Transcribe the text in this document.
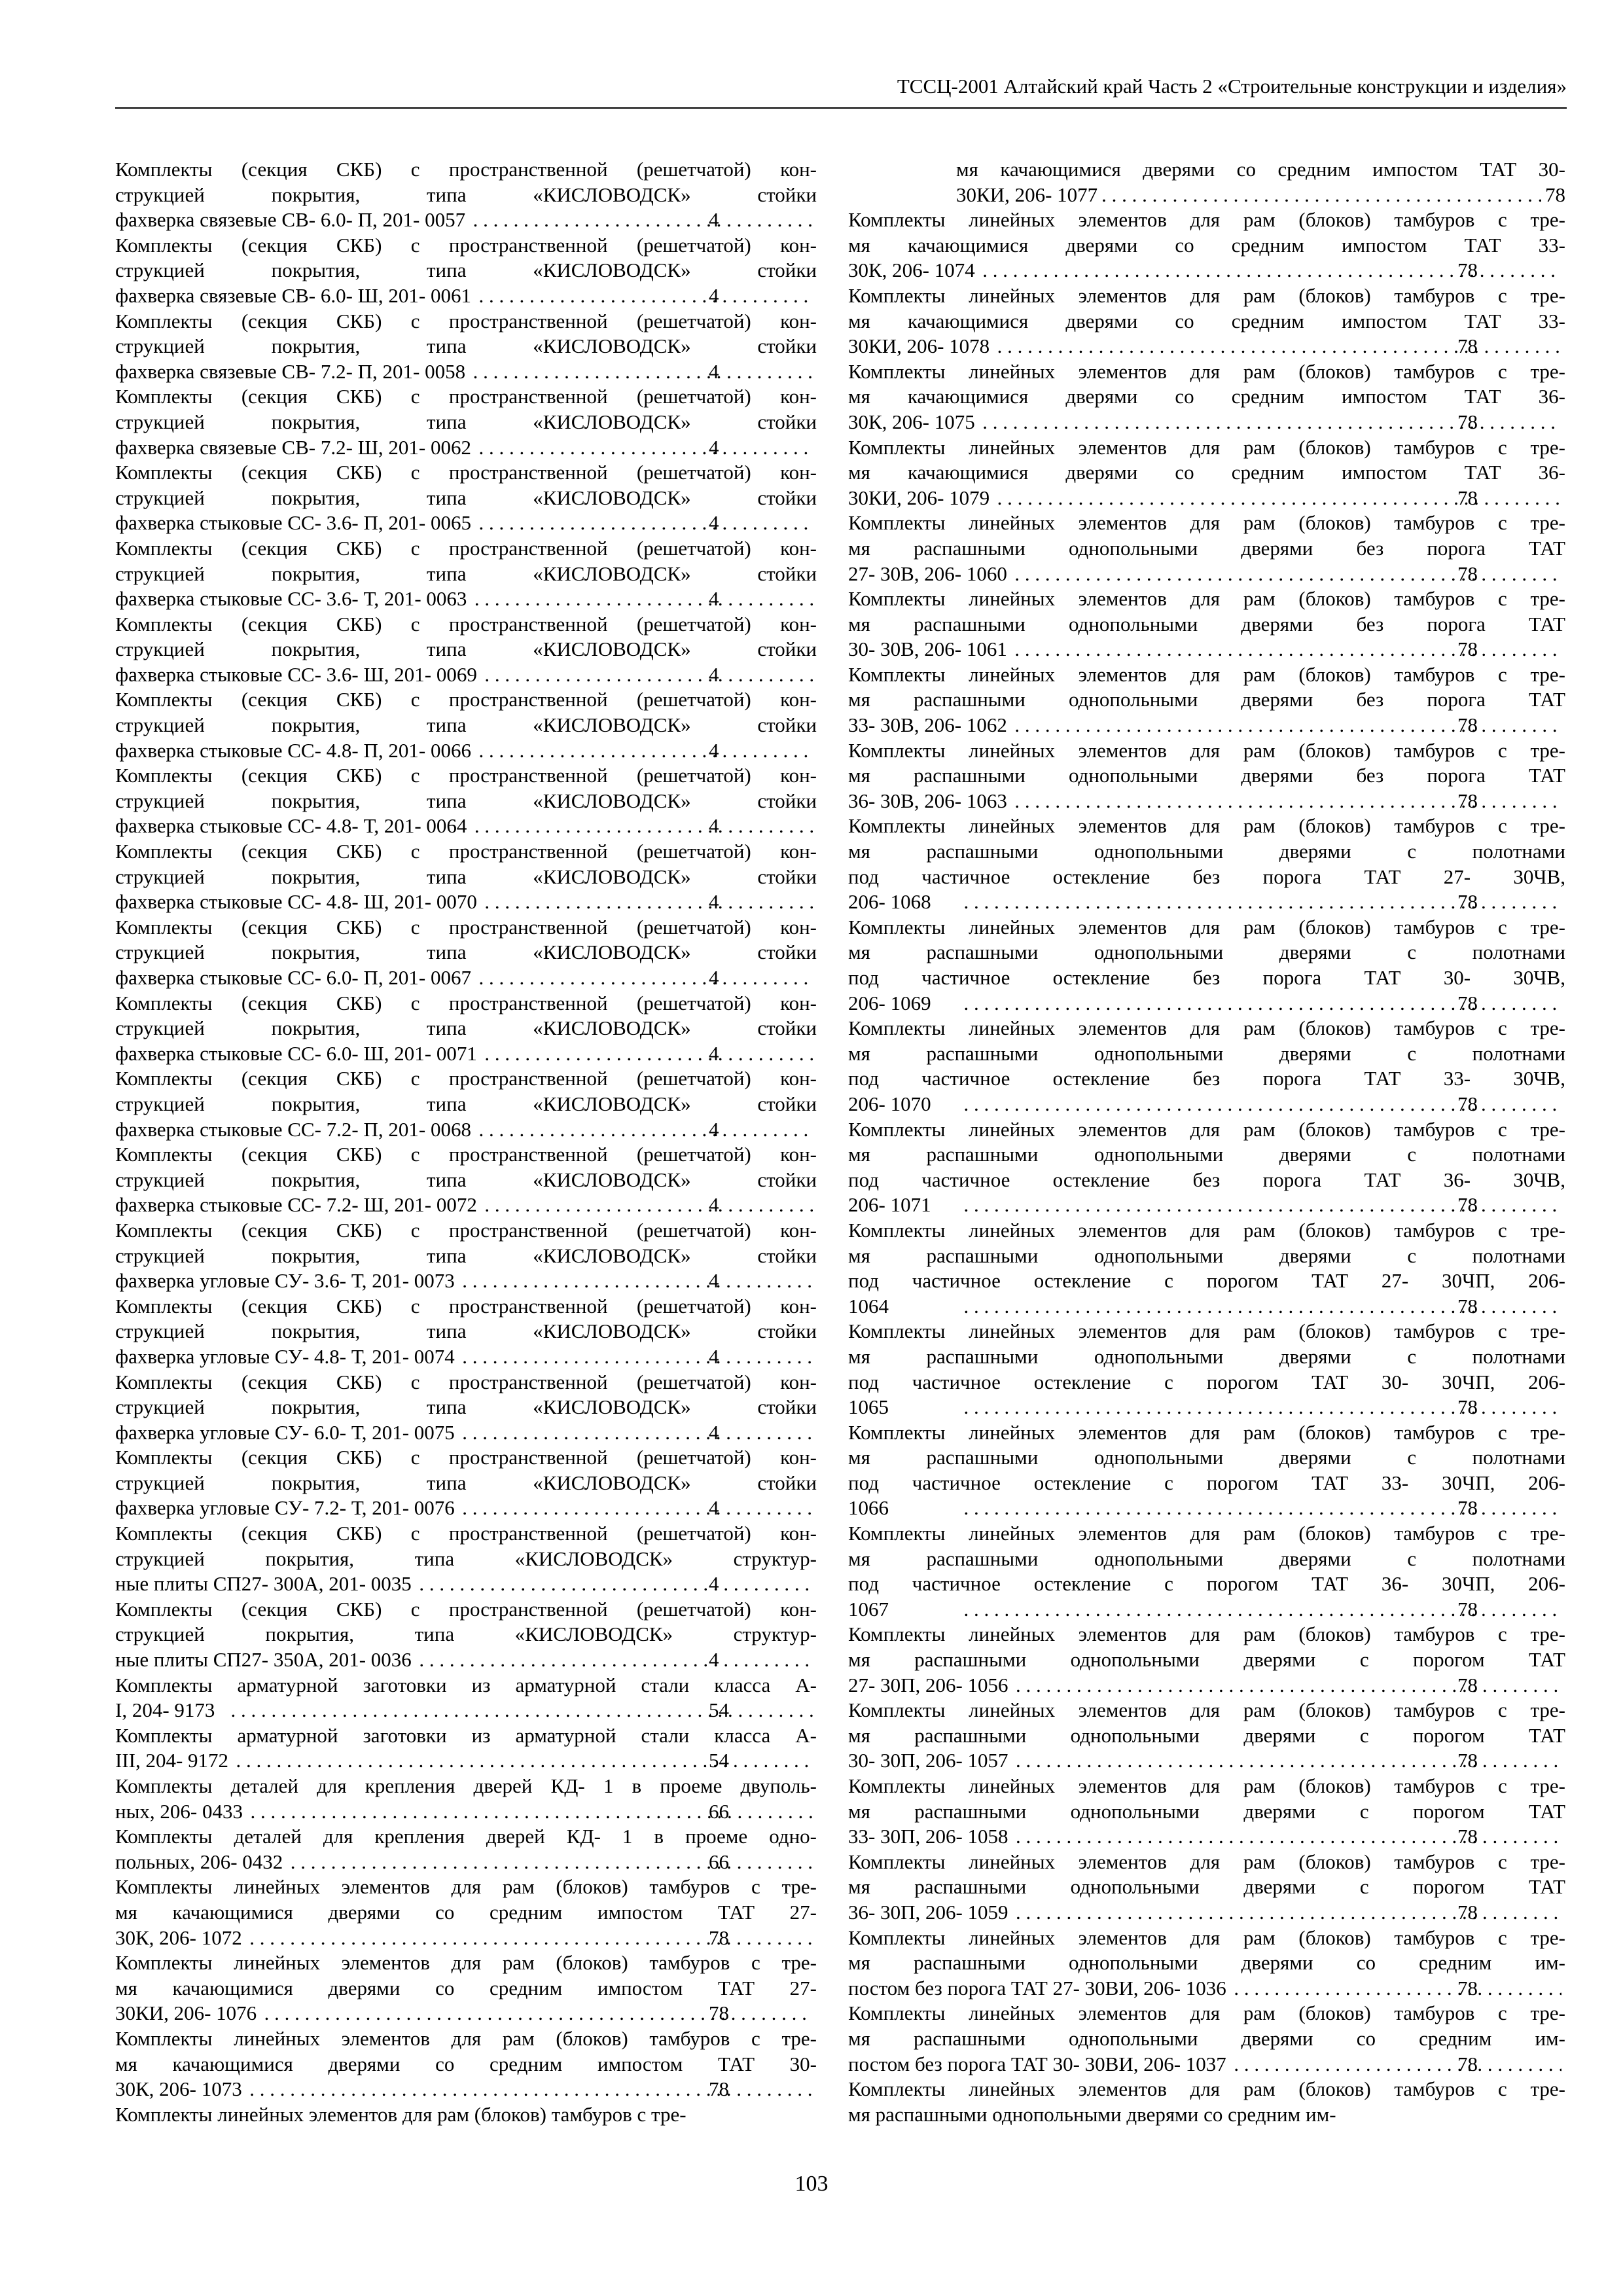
ТССЦ-2001 Алтайский край Часть 2 «Строительные конструкции и изделия»
Комплекты (секция СКБ) с пространственной (решетчатой) кон-
струкцией покрытия, типа «КИСЛОВОДСК» стойки
фахверка связевые СВ- 6.0- П, 201- 0057 . . .	4
Комплекты (секция СКБ) с пространственной (решетчатой) кон-
струкцией покрытия, типа «КИСЛОВОДСК» стойки
фахверка связевые СВ- 6.0- Ш, 201- 0061 . . .	4
Комплекты (секция СКБ) с пространственной (решетчатой) кон-
струкцией покрытия, типа «КИСЛОВОДСК» стойки
фахверка связевые СВ- 7.2- П, 201- 0058 . . .	4
Комплекты (секция СКБ) с пространственной (решетчатой) кон-
струкцией покрытия, типа «КИСЛОВОДСК» стойки
фахверка связевые СВ- 7.2- Ш, 201- 0062 . . .	4
Комплекты (секция СКБ) с пространственной (решетчатой) кон-
струкцией покрытия, типа «КИСЛОВОДСК» стойки
фахверка стыковые СС- 3.6- П, 201- 0065 . . .	4
Комплекты (секция СКБ) с пространственной (решетчатой) кон-
струкцией покрытия, типа «КИСЛОВОДСК» стойки
фахверка стыковые СС- 3.6- Т, 201- 0063 . . .	4
Комплекты (секция СКБ) с пространственной (решетчатой) кон-
струкцией покрытия, типа «КИСЛОВОДСК» стойки
фахверка стыковые СС- 3.6- Ш, 201- 0069 . . .	4
Комплекты (секция СКБ) с пространственной (решетчатой) кон-
струкцией покрытия, типа «КИСЛОВОДСК» стойки
фахверка стыковые СС- 4.8- П, 201- 0066 . . .	4
Комплекты (секция СКБ) с пространственной (решетчатой) кон-
струкцией покрытия, типа «КИСЛОВОДСК» стойки
фахверка стыковые СС- 4.8- Т, 201- 0064 . . .	4
Комплекты (секция СКБ) с пространственной (решетчатой) кон-
струкцией покрытия, типа «КИСЛОВОДСК» стойки
фахверка стыковые СС- 4.8- Ш, 201- 0070 . . .	4
Комплекты (секция СКБ) с пространственной (решетчатой) кон-
струкцией покрытия, типа «КИСЛОВОДСК» стойки
фахверка стыковые СС- 6.0- П, 201- 0067 . . .	4
Комплекты (секция СКБ) с пространственной (решетчатой) кон-
струкцией покрытия, типа «КИСЛОВОДСК» стойки
фахверка стыковые СС- 6.0- Ш, 201- 0071 . . .	4
Комплекты (секция СКБ) с пространственной (решетчатой) кон-
струкцией покрытия, типа «КИСЛОВОДСК» стойки
фахверка стыковые СС- 7.2- П, 201- 0068 . . .	4
Комплекты (секция СКБ) с пространственной (решетчатой) кон-
струкцией покрытия, типа «КИСЛОВОДСК» стойки
фахверка стыковые СС- 7.2- Ш, 201- 0072 . . .	4
Комплекты (секция СКБ) с пространственной (решетчатой) кон-
струкцией покрытия, типа «КИСЛОВОДСК» стойки
фахверка угловые СУ- 3.6- Т, 201- 0073 . . .	4
Комплекты (секция СКБ) с пространственной (решетчатой) кон-
струкцией покрытия, типа «КИСЛОВОДСК» стойки
фахверка угловые СУ- 4.8- Т, 201- 0074 . . .	4
Комплекты (секция СКБ) с пространственной (решетчатой) кон-
струкцией покрытия, типа «КИСЛОВОДСК» стойки
фахверка угловые СУ- 6.0- Т, 201- 0075 . . .	4
Комплекты (секция СКБ) с пространственной (решетчатой) кон-
струкцией покрытия, типа «КИСЛОВОДСК» стойки
фахверка угловые СУ- 7.2- Т, 201- 0076 . . .	4
Комплекты (секция СКБ) с пространственной (решетчатой) кон-
струкцией покрытия, типа «КИСЛОВОДСК» структур-
ные плиты СП27- 300А, 201- 0035 . . .	4
Комплекты (секция СКБ) с пространственной (решетчатой) кон-
струкцией покрытия, типа «КИСЛОВОДСК» структур-
ные плиты СП27- 350А, 201- 0036 . . .	4
Комплекты арматурной заготовки из арматурной стали класса А-
I, 204- 9173 . . .	54
Комплекты арматурной заготовки из арматурной стали класса А-
III, 204- 9172 . . .	54
Комплекты деталей для крепления дверей КД- 1 в проеме двуполь-
ных, 206- 0433 . . .	66
Комплекты деталей для крепления дверей КД- 1 в проеме одно-
польных, 206- 0432 . . .	66
Комплекты линейных элементов для рам (блоков) тамбуров с тре-
мя качающимися дверями со средним импостом ТАТ 27-
30К, 206- 1072 . . .	78
Комплекты линейных элементов для рам (блоков) тамбуров с тре-
мя качающимися дверями со средним импостом ТАТ 27-
30КИ, 206- 1076 . . .	78
Комплекты линейных элементов для рам (блоков) тамбуров с тре-
мя качающимися дверями со средним импостом ТАТ 30-
30К, 206- 1073 . . .	78
Комплекты линейных элементов для рам (блоков) тамбуров с тре-
мя качающимися дверями со средним импостом ТАТ 30-
30КИ, 206- 1077 . . .	78
Комплекты линейных элементов для рам (блоков) тамбуров с тре-
мя качающимися дверями со средним импостом ТАТ 33-
30К, 206- 1074 . . .	78
Комплекты линейных элементов для рам (блоков) тамбуров с тре-
мя качающимися дверями со средним импостом ТАТ 33-
30КИ, 206- 1078 . . .	78
Комплекты линейных элементов для рам (блоков) тамбуров с тре-
мя качающимися дверями со средним импостом ТАТ 36-
30К, 206- 1075 . . .	78
Комплекты линейных элементов для рам (блоков) тамбуров с тре-
мя качающимися дверями со средним импостом ТАТ 36-
30КИ, 206- 1079 . . .	78
Комплекты линейных элементов для рам (блоков) тамбуров с тре-
мя распашными однопольными дверями без порога ТАТ
27- 30В, 206- 1060 . . .	78
Комплекты линейных элементов для рам (блоков) тамбуров с тре-
мя распашными однопольными дверями без порога ТАТ
30- 30В, 206- 1061 . . .	78
Комплекты линейных элементов для рам (блоков) тамбуров с тре-
мя распашными однопольными дверями без порога ТАТ
33- 30В, 206- 1062 . . .	78
Комплекты линейных элементов для рам (блоков) тамбуров с тре-
мя распашными однопольными дверями без порога ТАТ
36- 30В, 206- 1063 . . .	78
Комплекты линейных элементов для рам (блоков) тамбуров с тре-
мя распашными однопольными дверями с полотнами
под частичное остекление без порога ТАТ 27- 30ЧВ,
206- 1068 . . .	78
Комплекты линейных элементов для рам (блоков) тамбуров с тре-
мя распашными однопольными дверями с полотнами
под частичное остекление без порога ТАТ 30- 30ЧВ,
206- 1069 . . .	78
Комплекты линейных элементов для рам (блоков) тамбуров с тре-
мя распашными однопольными дверями с полотнами
под частичное остекление без порога ТАТ 33- 30ЧВ,
206- 1070 . . .	78
Комплекты линейных элементов для рам (блоков) тамбуров с тре-
мя распашными однопольными дверями с полотнами
под частичное остекление без порога ТАТ 36- 30ЧВ,
206- 1071 . . .	78
Комплекты линейных элементов для рам (блоков) тамбуров с тре-
мя распашными однопольными дверями с полотнами
под частичное остекление с порогом ТАТ 27- 30ЧП, 206-
1064 . . .	78
Комплекты линейных элементов для рам (блоков) тамбуров с тре-
мя распашными однопольными дверями с полотнами
под частичное остекление с порогом ТАТ 30- 30ЧП, 206-
1065 . . .	78
Комплекты линейных элементов для рам (блоков) тамбуров с тре-
мя распашными однопольными дверями с полотнами
под частичное остекление с порогом ТАТ 33- 30ЧП, 206-
1066 . . .	78
Комплекты линейных элементов для рам (блоков) тамбуров с тре-
мя распашными однопольными дверями с полотнами
под частичное остекление с порогом ТАТ 36- 30ЧП, 206-
1067 . . .	78
Комплекты линейных элементов для рам (блоков) тамбуров с тре-
мя распашными однопольными дверями с порогом ТАТ
27- 30П, 206- 1056 . . .	78
Комплекты линейных элементов для рам (блоков) тамбуров с тре-
мя распашными однопольными дверями с порогом ТАТ
30- 30П, 206- 1057 . . .	78
Комплекты линейных элементов для рам (блоков) тамбуров с тре-
мя распашными однопольными дверями с порогом ТАТ
33- 30П, 206- 1058 . . .	78
Комплекты линейных элементов для рам (блоков) тамбуров с тре-
мя распашными однопольными дверями с порогом ТАТ
36- 30П, 206- 1059 . . .	78
Комплекты линейных элементов для рам (блоков) тамбуров с тре-
мя распашными однопольными дверями со средним им-
постом без порога ТАТ 27- 30ВИ, 206- 1036 . . .	78
Комплекты линейных элементов для рам (блоков) тамбуров с тре-
мя распашными однопольными дверями со средним им-
постом без порога ТАТ 30- 30ВИ, 206- 1037 . . .	78
Комплекты линейных элементов для рам (блоков) тамбуров с тре-
мя распашными однопольными дверями со средним им-
103
